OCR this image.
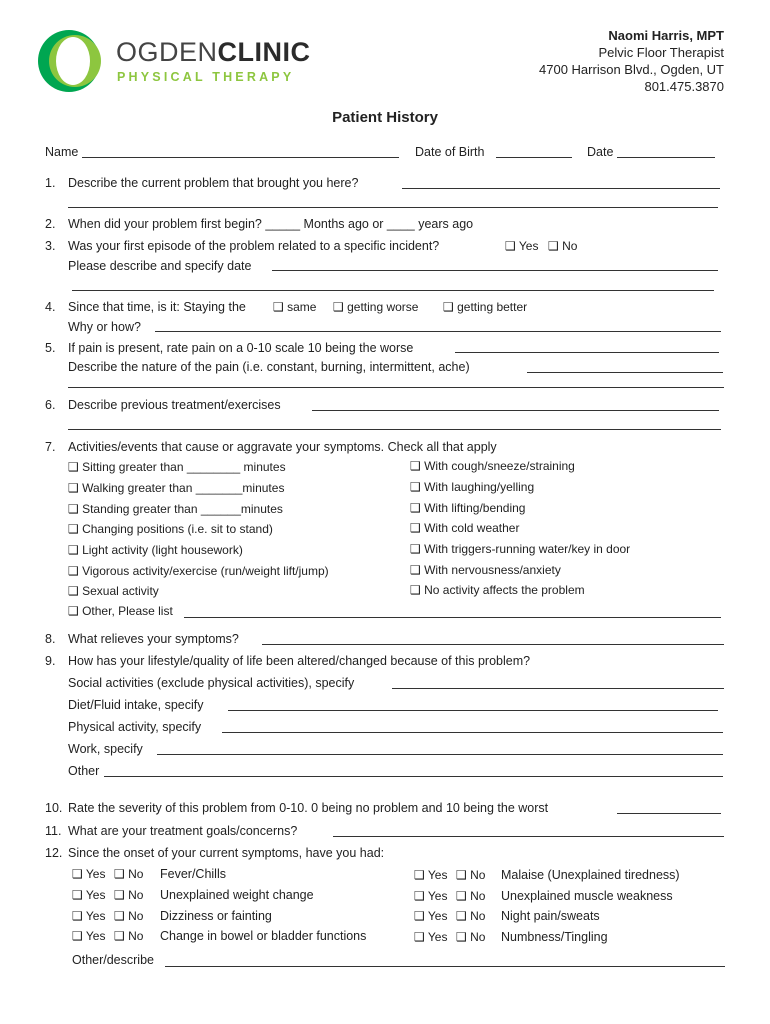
OGDENCLINIC
PHYSICAL THERAPY
Naomi Harris, MPT
Pelvic Floor Therapist
4700 Harrison Blvd., Ogden, UT
801.475.3870
Patient History
Name	Date of Birth	Date
1.	Describe the current problem that brought you here?
2.	When did your problem first begin? _____ Months ago or ____ years ago
3.	Was your first episode of the problem related to a specific incident?	❑ Yes ❑ No
Please describe and specify date
4.	Since that time, is it: Staying the ❑ same ❑ getting worse ❑ getting better
Why or how?
5.	If pain is present, rate pain on a 0-10 scale 10 being the worse
Describe the nature of the pain (i.e. constant, burning, intermittent, ache)
6.	Describe previous treatment/exercises
7.	Activities/events that cause or aggravate your symptoms. Check all that apply
❑ Sitting greater than ________ minutes
❑ Walking greater than _______minutes
❑ Standing greater than ______minutes
❑ Changing positions (i.e. sit to stand)
❑ Light activity (light housework)
❑ Vigorous activity/exercise (run/weight lift/jump)
❑ Sexual activity
❑ Other, Please list
❑ With cough/sneeze/straining
❑ With laughing/yelling
❑ With lifting/bending
❑ With cold weather
❑ With triggers-running water/key in door
❑ With nervousness/anxiety
❑ No activity affects the problem
8.	What relieves your symptoms?
9.	How has your lifestyle/quality of life been altered/changed because of this problem?
Social activities (exclude physical activities), specify
Diet/Fluid intake, specify
Physical activity, specify
Work, specify
Other
10. Rate the severity of this problem from 0-10. 0 being no problem and 10 being the worst
11. What are your treatment goals/concerns?
12. Since the onset of your current symptoms, have you had:
❑ Yes ❑ No Fever/Chills
❑ Yes ❑ No Unexplained weight change
❑ Yes ❑ No Dizziness or fainting
❑ Yes ❑ No Change in bowel or bladder functions
❑ Yes ❑ No Malaise (Unexplained tiredness)
❑ Yes ❑ No Unexplained muscle weakness
❑ Yes ❑ No Night pain/sweats
❑ Yes ❑ No Numbness/Tingling
Other/describe
